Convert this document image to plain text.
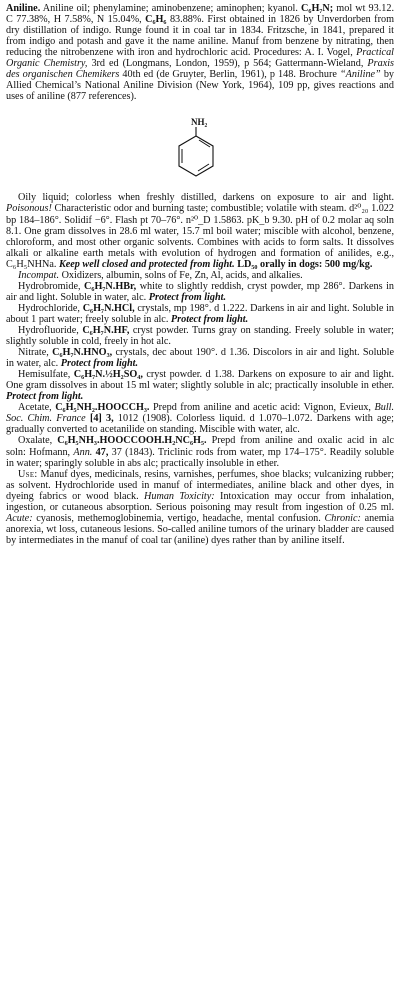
Aniline. Aniline oil; phenylamine; aminobenzene; aminophen; kyanol. C₆H₇N; mol wt 93.12. C 77.38%, H 7.58%, N 15.04%, C₆H₆ 83.88%. First obtained in 1826 by Unverdorben from dry distillation of indigo. Runge found it in coal tar in 1834. Fritzsche, in 1841, prepared it from indigo and potash and gave it the name aniline. Manuf from benzene by nitrating, then reducing the nitrobenzene with iron and hydrochloric acid. Procedures: A. I. Vogel, Practical Organic Chemistry, 3rd ed (Longmans, London, 1959), p 564; Gattermann-Wieland, Praxis des organischen Chemikers 40th ed (de Gruyter, Berlin, 1961), p 148. Brochure “Aniline” by Allied Chemical’s National Aniline Division (New York, 1964), 109 pp, gives reactions and uses of aniline (877 references).

NH₂

Oily liquid; colorless when freshly distilled, darkens on exposure to air and light. Poisonous! Characteristic odor and burning taste; combustible; volatile with steam. d²⁰₂₀ 1.022 bp 184–186°. Solidif −6°. Flash pt 70–76°. n²⁰_D 1.5863. pK_b 9.30. pH of 0.2 molar aq soln 8.1. One gram dissolves in 28.6 ml water, 15.7 ml boil water; miscible with alcohol, benzene, chloroform, and most other organic solvents. Combines with acids to form salts. It dissolves alkali or alkaline earth metals with evolution of hydrogen and formation of anilides, e.g., C₆H₅NHNa. Keep well closed and protected from light. LD₅₀ orally in dogs: 500 mg/kg.

Incompat. Oxidizers, albumin, solns of Fe, Zn, Al, acids, and alkalies.

Hydrobromide, C₆H₇N.HBr, white to slightly reddish, cryst powder, mp 286°. Darkens in air and light. Soluble in water, alc. Protect from light.

Hydrochloride, C₆H₇N.HCl, crystals, mp 198°. d 1.222. Darkens in air and light. Soluble in about 1 part water; freely soluble in alc. Protect from light.

Hydrofluoride, C₆H₇N.HF, cryst powder. Turns gray on standing. Freely soluble in water; slightly soluble in cold, freely in hot alc.

Nitrate, C₆H₇N.HNO₃, crystals, dec about 190°. d 1.36. Discolors in air and light. Soluble in water, alc. Protect from light.

Hemisulfate, C₆H₇N.½H₂SO₄, cryst powder. d 1.38. Darkens on exposure to air and light. One gram dissolves in about 15 ml water; slightly soluble in alc; practically insoluble in ether. Protect from light.

Acetate, C₆H₅NH₂.HOOCCH₃. Prepd from aniline and acetic acid: Vignon, Evieux, Bull. Soc. Chim. France [4] 3, 1012 (1908). Colorless liquid. d 1.070–1.072. Darkens with age; gradually converted to acetanilide on standing. Miscible with water, alc.

Oxalate, C₆H₅NH₃.HOOCCOOH.H₂NC₆H₅. Prepd from aniline and oxalic acid in alc soln: Hofmann, Ann. 47, 37 (1843). Triclinic rods from water, mp 174–175°. Readily soluble in water; sparingly soluble in abs alc; practically insoluble in ether.

Use: Manuf dyes, medicinals, resins, varnishes, perfumes, shoe blacks; vulcanizing rubber; as solvent. Hydrochloride used in manuf of intermediates, aniline black and other dyes, in dyeing fabrics or wood black. Human Toxicity: Intoxication may occur from inhalation, ingestion, or cutaneous absorption. Serious poisoning may result from ingestion of 0.25 ml. Acute: cyanosis, methemoglobinemia, vertigo, headache, mental confusion. Chronic: anemia anorexia, wt loss, cutaneous lesions. So-called aniline tumors of the urinary bladder are caused by intermediates in the manuf of coal tar (aniline) dyes rather than by aniline itself.
